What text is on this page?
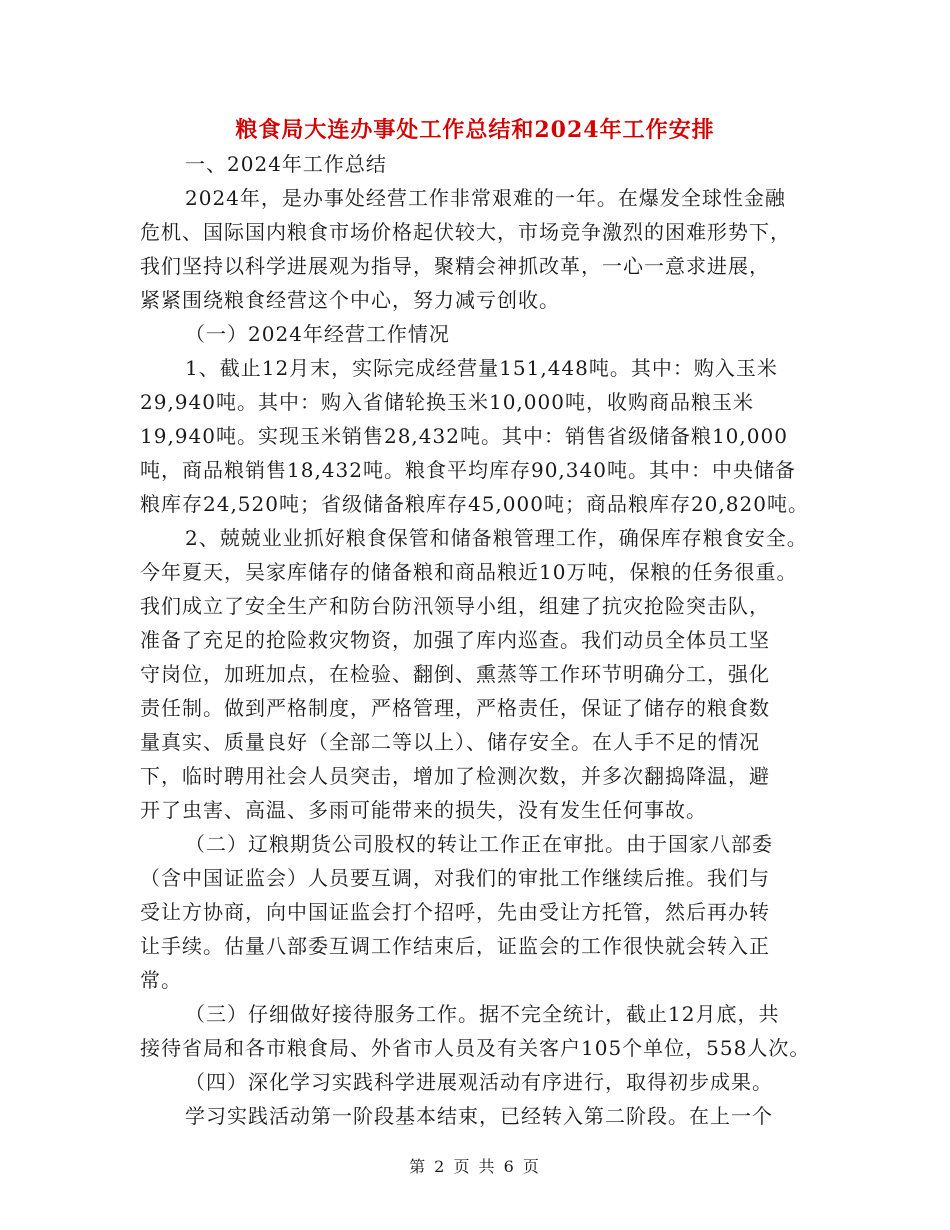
粮食局大连办事处工作总结和2024年工作安排
一、2024年工作总结
2024年，是办事处经营工作非常艰难的一年。在爆发全球性金融
危机、国际国内粮食市场价格起伏较大，市场竞争激烈的困难形势下，
我们坚持以科学进展观为指导，聚精会神抓改革，一心一意求进展，
紧紧围绕粮食经营这个中心，努力减亏创收。
（一）2024年经营工作情况
1、截止12月末，实际完成经营量151,448吨。其中：购入玉米
29,940吨。其中：购入省储轮换玉米10,000吨，收购商品粮玉米
19,940吨。实现玉米销售28,432吨。其中：销售省级储备粮10,000
吨，商品粮销售18,432吨。粮食平均库存90,340吨。其中：中央储备
粮库存24,520吨；省级储备粮库存45,000吨；商品粮库存20,820吨。
2、兢兢业业抓好粮食保管和储备粮管理工作，确保库存粮食安全。
今年夏天，吴家库储存的储备粮和商品粮近10万吨，保粮的任务很重。
我们成立了安全生产和防台防汛领导小组，组建了抗灾抢险突击队，
准备了充足的抢险救灾物资，加强了库内巡查。我们动员全体员工坚
守岗位，加班加点，在检验、翻倒、熏蒸等工作环节明确分工，强化
责任制。做到严格制度，严格管理，严格责任，保证了储存的粮食数
量真实、质量良好（全部二等以上）、储存安全。在人手不足的情况
下，临时聘用社会人员突击，增加了检测次数，并多次翻捣降温，避
开了虫害、高温、多雨可能带来的损失，没有发生任何事故。
（二）辽粮期货公司股权的转让工作正在审批。由于国家八部委
（含中国证监会）人员要互调，对我们的审批工作继续后推。我们与
受让方协商，向中国证监会打个招呼，先由受让方托管，然后再办转
让手续。估量八部委互调工作结束后，证监会的工作很快就会转入正
常。
（三）仔细做好接待服务工作。据不完全统计，截止12月底，共
接待省局和各市粮食局、外省市人员及有关客户105个单位，558人次。
（四）深化学习实践科学进展观活动有序进行，取得初步成果。
学习实践活动第一阶段基本结束，已经转入第二阶段。在上一个
第 2 页 共 6 页
